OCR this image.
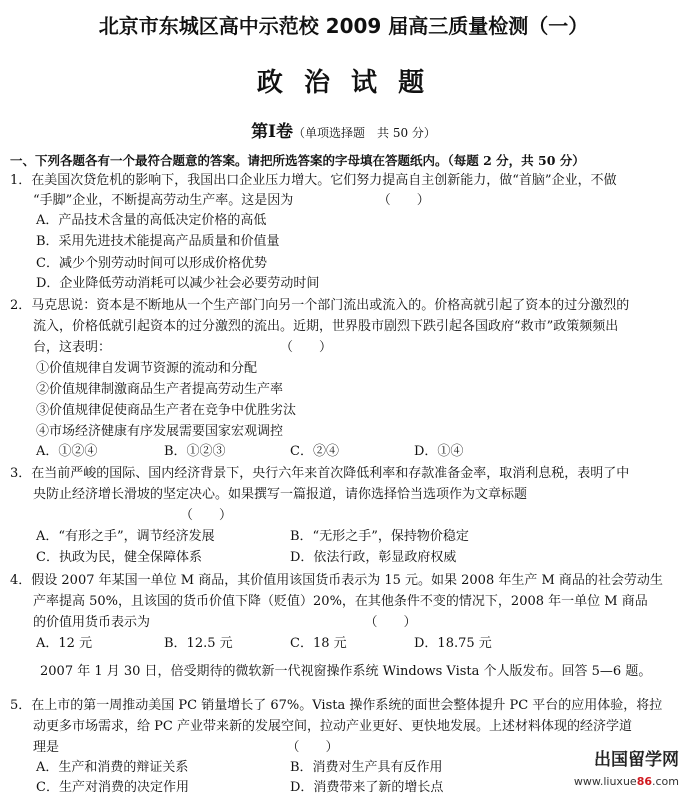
北京市东城区高中示范校 2009 届高三质量检测（一）
政 治 试 题
第Ⅰ卷（单项选择题　共 50 分）
一、下列各题各有一个最符合题意的答案。请把所选答案的字母填在答题纸内。（每题 2 分，共 50 分）
1．在美国次贷危机的影响下，我国出口企业压力增大。它们努力提高自主创新能力，做“首脑”企业，不做
“手脚”企业，不断提高劳动生产率。这是因为　　　　　　　（　　）
A．产品技术含量的高低决定价格的高低
B．采用先进技术能提高产品质量和价值量
C．减少个别劳动时间可以形成价格优势
D．企业降低劳动消耗可以减少社会必要劳动时间
2．马克思说：资本是不断地从一个生产部门向另一个部门流出或流入的。价格高就引起了资本的过分激烈的
流入，价格低就引起资本的过分激烈的流出。近期，世界股市剧烈下跌引起各国政府“救市”政策频频出
台，这表明：　　　　　　　　　　　　　　（　　）
①价值规律自发调节资源的流动和分配
②价值规律制激商品生产者提高劳动生产率
③价值规律促使商品生产者在竞争中优胜劣汰
④市场经济健康有序发展需要国家宏观调控
A．①②④	B．①②③	C．②④	D．①④
3．在当前严峻的国际、国内经济背景下，央行六年来首次降低利率和存款准备金率，取消利息税，表明了中
央防止经济增长滑坡的坚定决心。如果撰写一篇报道，请你选择恰当选项作为文章标题
（　　）
A．“有形之手”，调节经济发展	B．“无形之手”，保持物价稳定
C．执政为民，健全保障体系	D．依法行政，彰显政府权威
4．假设 2007 年某国一单位 M 商品，其价值用该国货币表示为 15 元。如果 2008 年生产 M 商品的社会劳动生
产率提高 50%，且该国的货币价值下降（贬值）20%，在其他条件不变的情况下，2008 年一单位 M 商品
的价值用货币表示为　　　　　　　　　　　　　　　　　（　　）
A．12 元	B．12.5 元	C．18 元	D．18.75 元
2007 年 1 月 30 日，倍受期待的微软新一代视窗操作系统 Windows Vista 个人版发布。回答 5—6 题。
5．在上市的第一周推动美国 PC 销量增长了 67%。Vista 操作系统的面世会整体提升 PC 平台的应用体验，将拉
动更多市场需求，给 PC 产业带来新的发展空间，拉动产业更好、更快地发展。上述材料体现的经济学道
理是　　　　　　　　　　　　　　　　　　（　　）
A．生产和消费的辩证关系	B．消费对生产具有反作用
C．生产对消费的决定作用	D．消费带来了新的增长点
出国留学网
www.liuxue86.com
